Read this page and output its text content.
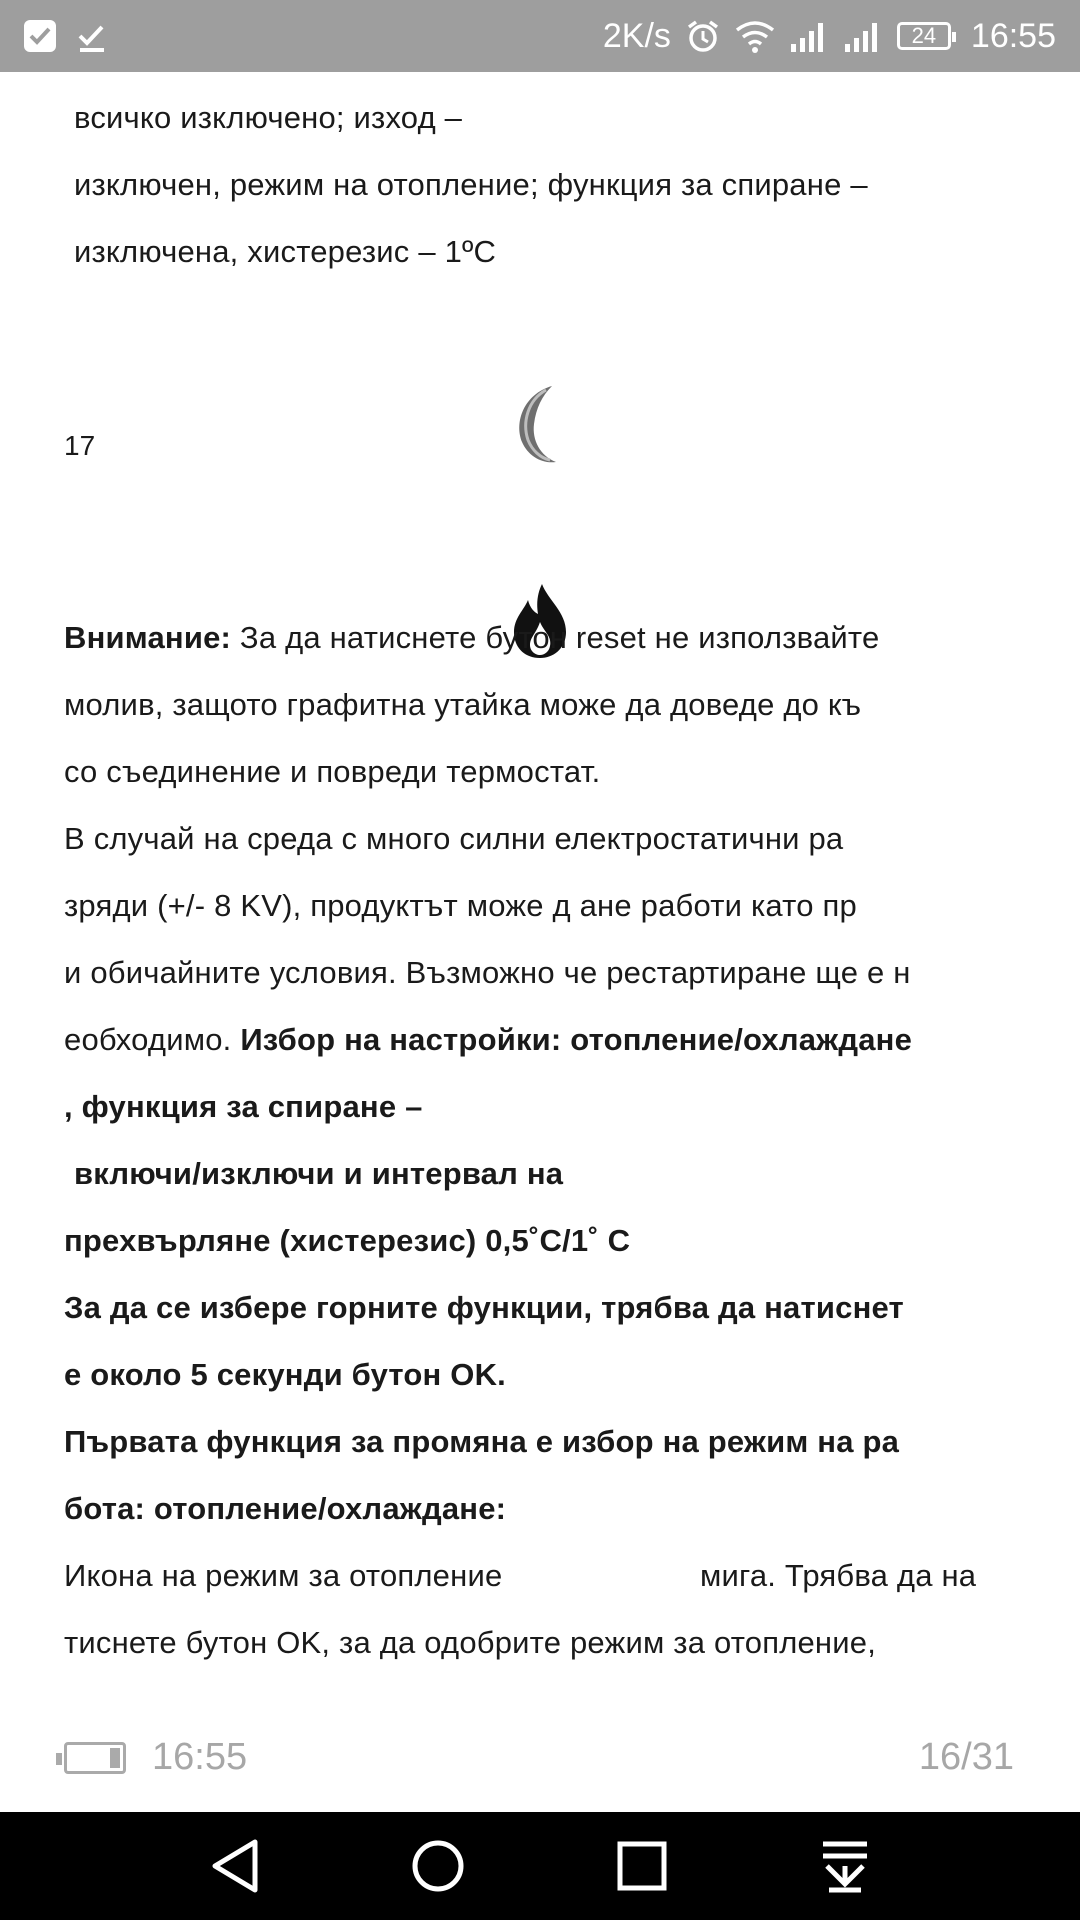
2K/s	24	16:55
всичко изключено; изход –
изключен, режим на отопление; функция за спиране –
изключена, хистерезис – 1ºC
17
Внимание: За да натиснете бутон reset не използвайте
молив, защото графитна утайка може да доведе до къ
со съединение и повреди термостат.
В случай на среда с много силни електростатични ра
зряди (+/- 8 KV), продуктът може д ане работи като пр
и обичайните условия. Възможно че рестартиране ще е н
еобходимо. Избор на настройки: отопление/охлаждане
, функция за спиране –
включи/изключи и интервал на
прехвърляне (хистерезис) 0,5˚C/1˚ C
За да се избере горните функции, трябва да натиснет
е около 5 секунди бутон OK.
Първата функция за промяна е избор на режим на ра
бота: отопление/охлаждане:
Икона на режим за отопление	мига. Трябва да на
тиснете бутон OK, за да одобрите режим за отопление,
16:55	16/31
